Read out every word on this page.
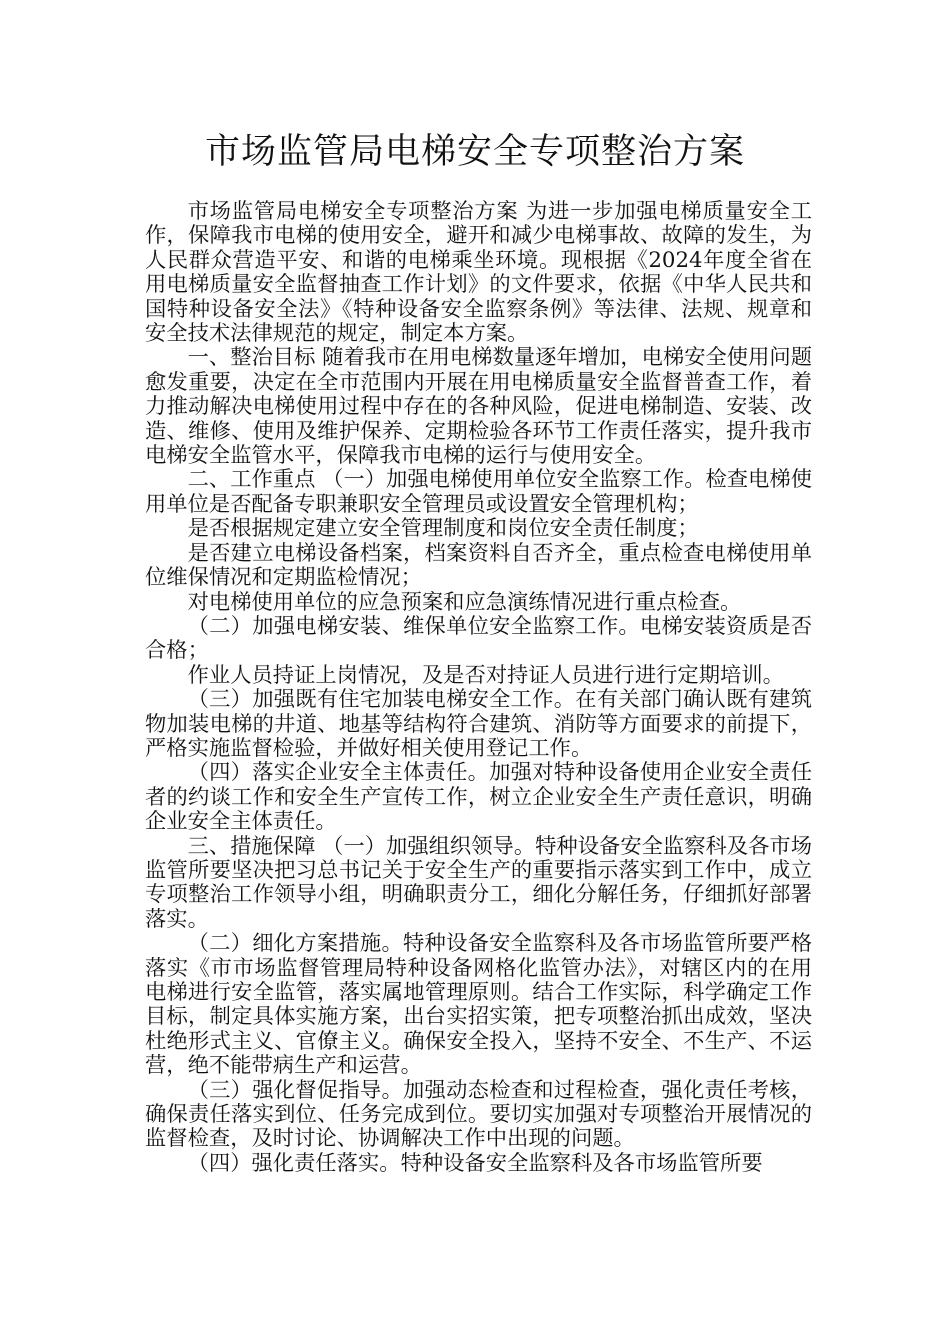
市场监管局电梯安全专项整治方案

市场监管局电梯安全专项整治方案 为进一步加强电梯质量安全工作，保障我市电梯的使用安全，避开和减少电梯事故、故障的发生，为人民群众营造平安、和谐的电梯乘坐环境。现根据《2024年度全省在用电梯质量安全监督抽查工作计划》的文件要求，依据《中华人民共和国特种设备安全法》《特种设备安全监察条例》等法律、法规、规章和安全技术法律规范的规定，制定本方案。

一、整治目标 随着我市在用电梯数量逐年增加，电梯安全使用问题愈发重要，决定在全市范围内开展在用电梯质量安全监督普查工作，着力推动解决电梯使用过程中存在的各种风险，促进电梯制造、安装、改造、维修、使用及维护保养、定期检验各环节工作责任落实，提升我市电梯安全监管水平，保障我市电梯的运行与使用安全。

二、工作重点 （一）加强电梯使用单位安全监察工作。检查电梯使用单位是否配备专职兼职安全管理员或设置安全管理机构；

是否根据规定建立安全管理制度和岗位安全责任制度；

是否建立电梯设备档案，档案资料自否齐全，重点检查电梯使用单位维保情况和定期监检情况；

对电梯使用单位的应急预案和应急演练情况进行重点检查。

（二）加强电梯安装、维保单位安全监察工作。电梯安装资质是否合格；

作业人员持证上岗情况，及是否对持证人员进行进行定期培训。

（三）加强既有住宅加装电梯安全工作。在有关部门确认既有建筑物加装电梯的井道、地基等结构符合建筑、消防等方面要求的前提下，严格实施监督检验，并做好相关使用登记工作。

（四）落实企业安全主体责任。加强对特种设备使用企业安全责任者的约谈工作和安全生产宣传工作，树立企业安全生产责任意识，明确企业安全主体责任。

三、措施保障 （一）加强组织领导。特种设备安全监察科及各市场监管所要坚决把习总书记关于安全生产的重要指示落实到工作中，成立专项整治工作领导小组，明确职责分工，细化分解任务，仔细抓好部署落实。

（二）细化方案措施。特种设备安全监察科及各市场监管所要严格落实《市市场监督管理局特种设备网格化监管办法》，对辖区内的在用电梯进行安全监管，落实属地管理原则。结合工作实际，科学确定工作目标，制定具体实施方案，出台实招实策，把专项整治抓出成效，坚决杜绝形式主义、官僚主义。确保安全投入，坚持不安全、不生产、不运营，绝不能带病生产和运营。

（三）强化督促指导。加强动态检查和过程检查，强化责任考核，确保责任落实到位、任务完成到位。要切实加强对专项整治开展情况的监督检查，及时讨论、协调解决工作中出现的问题。

（四）强化责任落实。特种设备安全监察科及各市场监管所要
